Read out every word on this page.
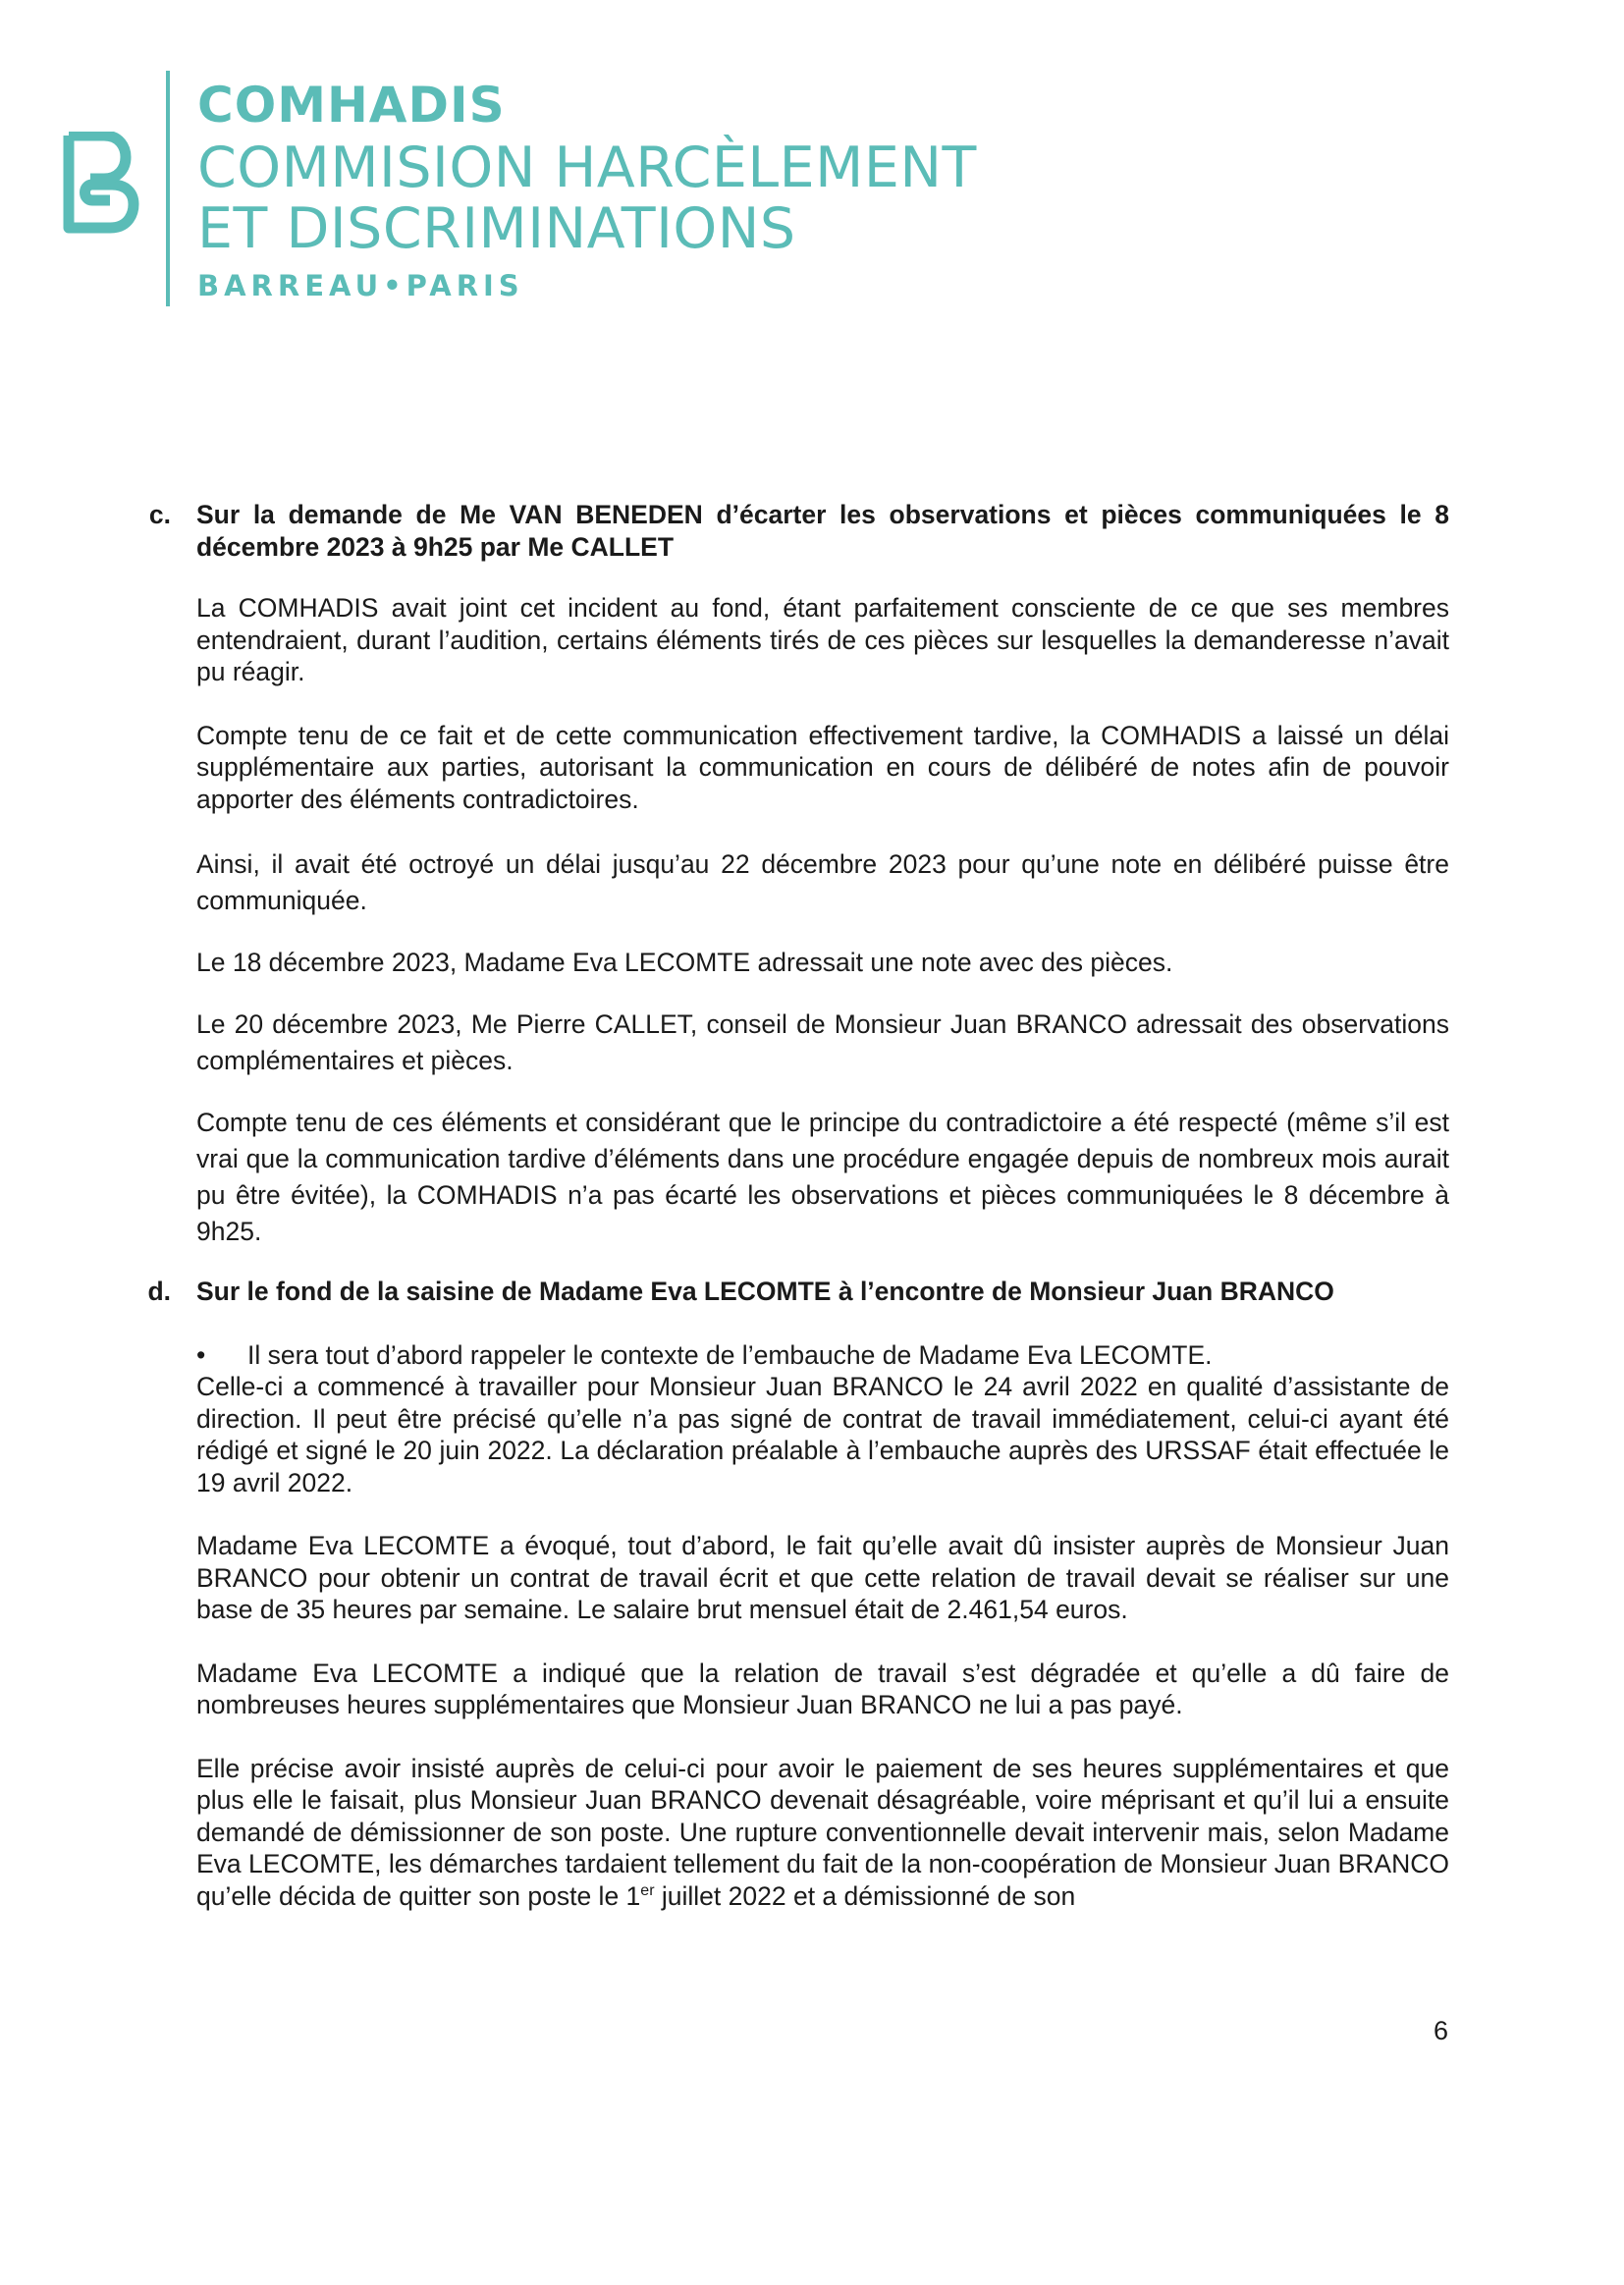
COMHADIS
COMMISION HARCÈLEMENT
ET DISCRIMINATIONS
BARREAU•PARIS
c. Sur la demande de Me VAN BENEDEN d’écarter les observations et pièces communiquées le 8 décembre 2023 à 9h25 par Me CALLET

La COMHADIS avait joint cet incident au fond, étant parfaitement consciente de ce que ses membres entendraient, durant l’audition, certains éléments tirés de ces pièces sur lesquelles la demanderesse n’avait pu réagir.

Compte tenu de ce fait et de cette communication effectivement tardive, la COMHADIS a laissé un délai supplémentaire aux parties, autorisant la communication en cours de délibéré de notes afin de pouvoir apporter des éléments contradictoires.

Ainsi, il avait été octroyé un délai jusqu’au 22 décembre 2023 pour qu’une note en délibéré puisse être communiquée.

Le 18 décembre 2023, Madame Eva LECOMTE adressait une note avec des pièces.

Le 20 décembre 2023, Me Pierre CALLET, conseil de Monsieur Juan BRANCO adressait des observations complémentaires et pièces.

Compte tenu de ces éléments et considérant que le principe du contradictoire a été respecté (même s’il est vrai que la communication tardive d’éléments dans une procédure engagée depuis de nombreux mois aurait pu être évitée), la COMHADIS n’a pas écarté les observations et pièces communiquées le 8 décembre à 9h25.

d. Sur le fond de la saisine de Madame Eva LECOMTE à l’encontre de Monsieur Juan BRANCO
•	Il sera tout d’abord rappeler le contexte de l’embauche de Madame Eva LECOMTE.

Celle-ci a commencé à travailler pour Monsieur Juan BRANCO le 24 avril 2022 en qualité d’assistante de direction. Il peut être précisé qu’elle n’a pas signé de contrat de travail immédiatement, celui-ci ayant été rédigé et signé le 20 juin 2022. La déclaration préalable à l’embauche auprès des URSSAF était effectuée le 19 avril 2022.

Madame Eva LECOMTE a évoqué, tout d’abord, le fait qu’elle avait dû insister auprès de Monsieur Juan BRANCO pour obtenir un contrat de travail écrit et que cette relation de travail devait se réaliser sur une base de 35 heures par semaine. Le salaire brut mensuel était de 2.461,54 euros.

Madame Eva LECOMTE a indiqué que la relation de travail s’est dégradée et qu’elle a dû faire de nombreuses heures supplémentaires que Monsieur Juan BRANCO ne lui a pas payé.

Elle précise avoir insisté auprès de celui-ci pour avoir le paiement de ses heures supplémentaires et que plus elle le faisait, plus Monsieur Juan BRANCO devenait désagréable, voire méprisant et qu’il lui a ensuite demandé de démissionner de son poste. Une rupture conventionnelle devait intervenir mais, selon Madame Eva LECOMTE, les démarches tardaient tellement du fait de la non-coopération de Monsieur Juan BRANCO qu’elle décida de quitter son poste le 1er juillet 2022 et a démissionné de son

6
